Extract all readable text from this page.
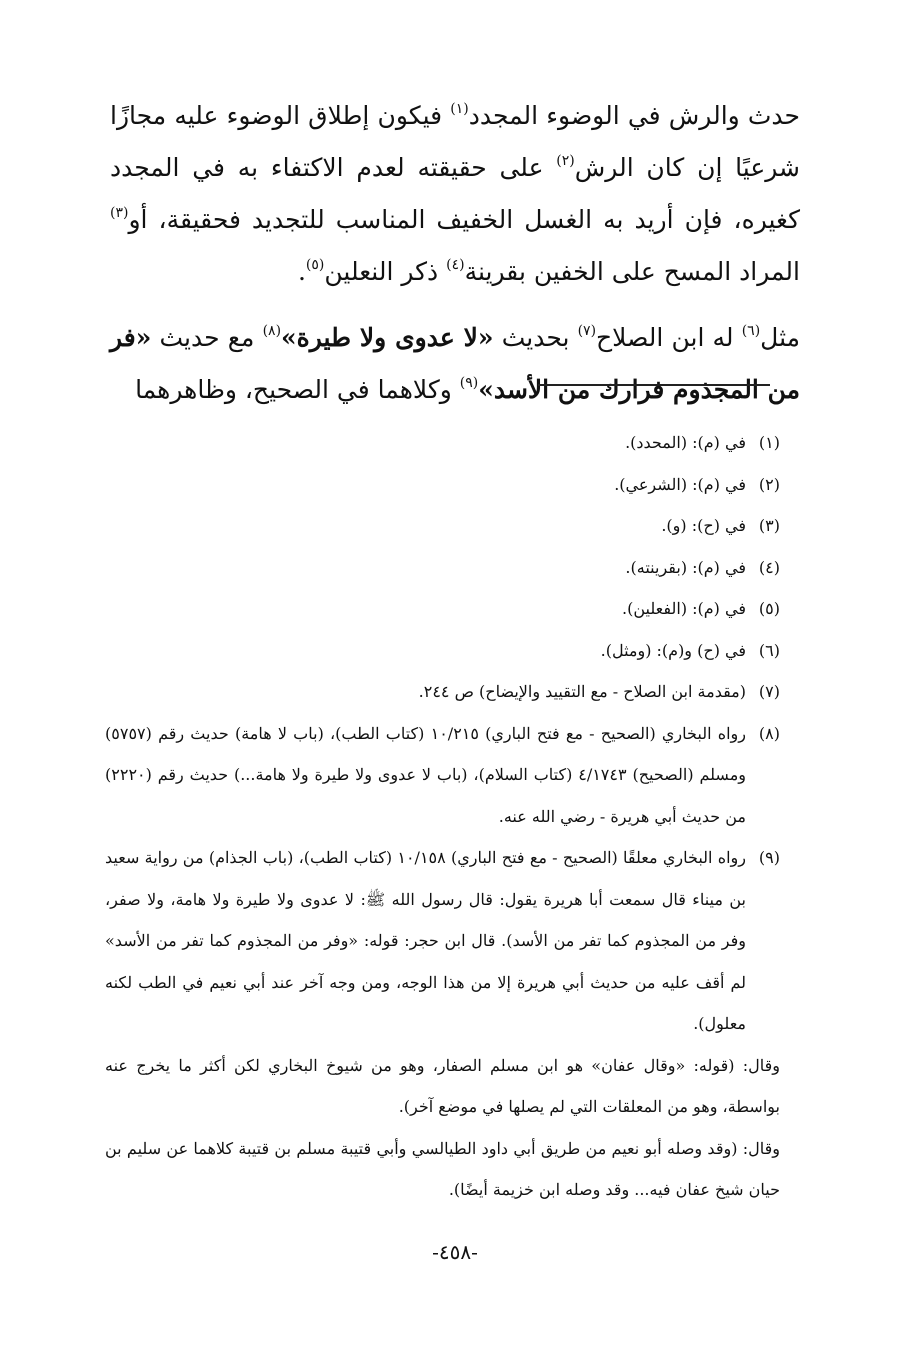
حدث والرش في الوضوء المجدد$^{(١)}$ فيكون إطلاق الوضوء عليه مجازًا شرعيًا إن كان الرش$^{(٢)}$ على حقيقته لعدم الاكتفاء به في المجدد كغيره، فإن أريد به الغسل الخفيف المناسب للتجديد فحقيقة، أو$^{(٣)}$ المراد المسح على الخفين بقرينة$^{(٤)}$ ذكر النعلين$^{(٥)}$.

مثل$^{(٦)}$ له ابن الصلاح$^{(٧)}$ بحديث «لا عدوى ولا طيرة»$^{(٨)}$ مع حديث «فر من المجذوم فرارك من الأسد»$^{(٩)}$ وكلاهما في الصحيح، وظاهرهما

(١)
في (م): (المحدد).
(٢)
في (م): (الشرعي).
(٣)
في (ح): (و).
(٤)
في (م): (بقرينته).
(٥)
في (م): (الفعلين).
(٦)
في (ح) و(م): (ومثل).
(٧)
(مقدمة ابن الصلاح - مع التقييد والإيضاح) ص ٢٤٤.
(٨)
رواه البخاري (الصحيح - مع فتح الباري) ١٠/٢١٥ (كتاب الطب)، (باب لا هامة) حديث رقم (٥٧٥٧) ومسلم (الصحيح) ٤/١٧٤٣ (كتاب السلام)، (باب لا عدوى ولا طيرة ولا هامة...) حديث رقم (٢٢٢٠) من حديث أبي هريرة - رضي الله عنه.
(٩)
رواه البخاري معلقًا (الصحيح - مع فتح الباري) ١٠/١٥٨ (كتاب الطب)، (باب الجذام) من رواية سعيد بن ميناء قال سمعت أبا هريرة يقول: قال رسول الله ﷺ: لا عدوى ولا طيرة ولا هامة، ولا صفر، وفر من المجذوم كما تفر من الأسد). قال ابن حجر: قوله: «وفر من المجذوم كما تفر من الأسد» لم أقف عليه من حديث أبي هريرة إلا من هذا الوجه، ومن وجه آخر عند أبي نعيم في الطب لكنه معلول).
وقال: (قوله: «وقال عفان» هو ابن مسلم الصفار، وهو من شيوخ البخاري لكن أكثر ما يخرج عنه بواسطة، وهو من المعلقات التي لم يصلها في موضع آخر).
وقال: (وقد وصله أبو نعيم من طريق أبي داود الطيالسي وأبي قتيبة مسلم بن قتيبة كلاهما عن سليم بن حيان شيخ عفان فيه... وقد وصله ابن خزيمة أيضًا).
-٤٥٨-
